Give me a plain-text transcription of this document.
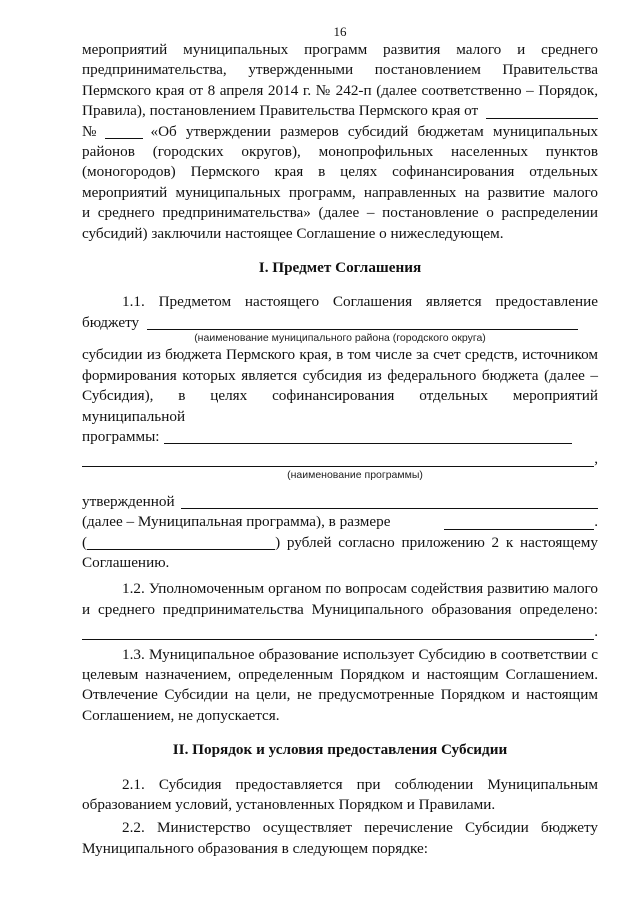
16

мероприятий муниципальных программ развития малого и среднего

предпринимательства, утвержденными постановлением Правительства

Пермского края от 8 апреля 2014 г. № 242-п (далее соответственно – Порядок,

Правила), постановлением Правительства Пермского края от
№	«Об утверждении размеров субсидий бюджетам муниципальных

районов (городских округов), монопрофильных населенных пунктов

(моногородов) Пермского края в целях софинансирования отдельных

мероприятий муниципальных программ, направленных на развитие малого

и среднего предпринимательства» (далее – постановление о распределении

субсидий) заключили настоящее Соглашение о нижеследующем.

I. Предмет Соглашения

1.1. Предметом настоящего Соглашения является предоставление

бюджету
(наименование муниципального района (городского округа)

субсидии из бюджета Пермского края, в том числе за счет средств, источником

формирования которых является субсидия из федерального бюджета (далее –

Субсидия), в целях софинансирования отдельных мероприятий муниципальной

программы:
,
(наименование программы)
утвержденной
(далее – Муниципальная программа), в размере	.
(	) рублей согласно приложению 2 к настоящему

Соглашению.

1.2. Уполномоченным органом по вопросам содействия развитию малого

и среднего предпринимательства Муниципального образования определено:

.

1.3. Муниципальное образование использует Субсидию в соответствии с целевым назначением, определенным Порядком и настоящим Соглашением. Отвлечение Субсидии на цели, не предусмотренные Порядком и настоящим Соглашением, не допускается.

II. Порядок и условия предоставления Субсидии

2.1. Субсидия предоставляется при соблюдении Муниципальным образованием условий, установленных Порядком и Правилами.

2.2. Министерство осуществляет перечисление Субсидии бюджету Муниципального образования в следующем порядке:
